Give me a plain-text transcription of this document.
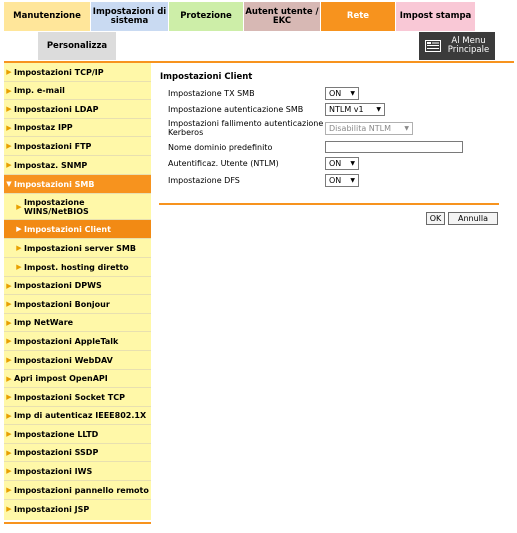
Manutenzione	Impostazioni di sistema	Protezione	Autent utente / EKC	Rete	Impost stampa
Personalizza	Al Menu Principale
▶ Impostazioni TCP/IP
▶ Imp. e-mail
▶ Impostazioni LDAP
▶ Impostaz IPP
▶ Impostazioni FTP
▶ Impostaz. SNMP
▼ Impostazioni SMB
▶ Impostazione WINS/NetBIOS
▶ Impostazioni Client
▶ Impostazioni server SMB
▶ Impost. hosting diretto
▶ Impostazioni DPWS
▶ Impostazioni Bonjour
▶ Imp NetWare
▶ Impostazioni AppleTalk
▶ Impostazioni WebDAV
▶ Apri impost OpenAPI
▶ Impostazioni Socket TCP
▶ Imp di autenticaz IEEE802.1X
▶ Impostazione LLTD
▶ Impostazioni SSDP
▶ Impostazioni IWS
▶ Impostazioni pannello remoto
▶ Impostazioni JSP
Impostazioni Client
Impostazione TX SMB	ON ▼
Impostazione autenticazione SMB	NTLM v1 ▼
Impostazioni fallimento autenticazione Kerberos	Disabilita NTLM ▼
Nome dominio predefinito
Autentificaz. Utente (NTLM)	ON ▼
Impostazione DFS	ON ▼
OK	Annulla
